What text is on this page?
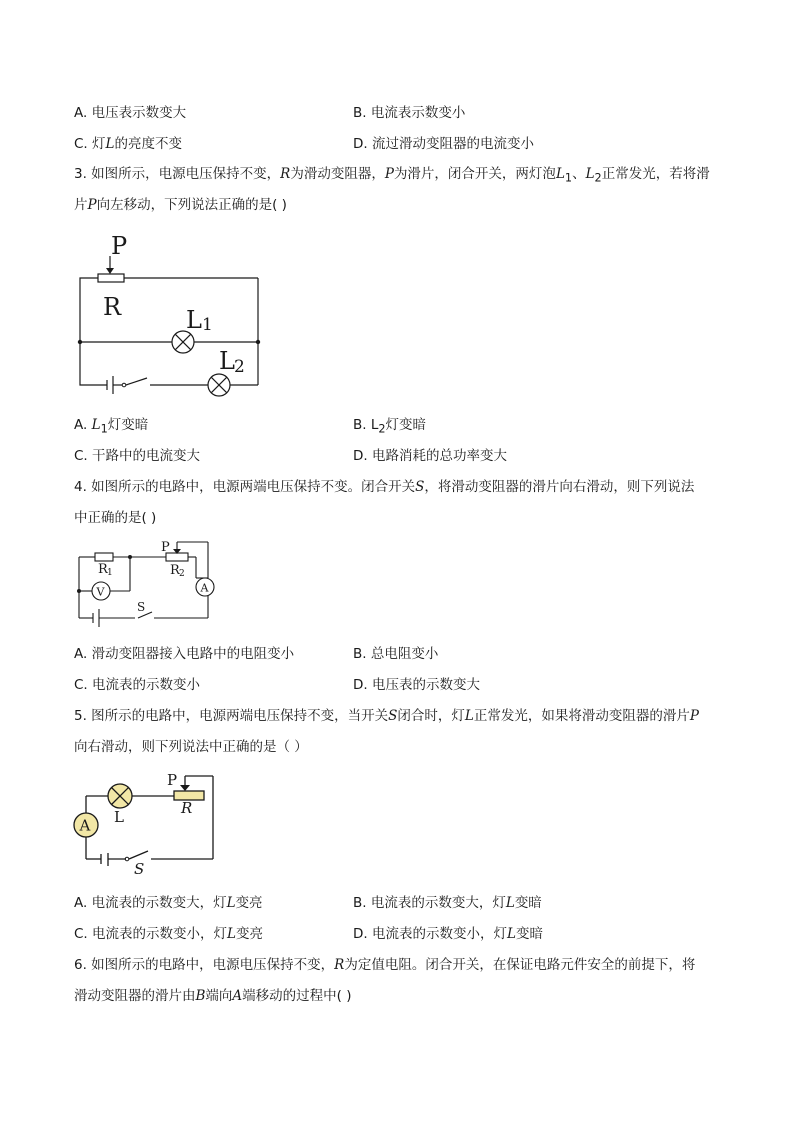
A. 电压表示数变大	B. 电流表示数变小
C. 灯L的亮度不变	D. 流过滑动变阻器的电流变小
3. 如图所示，电源电压保持不变，R为滑动变阻器，P为滑片，闭合开关，两灯泡$L_1$、$L_2$正常发光，若将滑
片P向左移动，下列说法正确的是( )
P
R	L 1
L 2
A. $L_1$灯变暗	B. $L_2$灯变暗
C. 干路中的电流变大	D. 电路消耗的总功率变大
4. 如图所示的电路中，电源两端电压保持不变。闭合开关S，将滑动变阻器的滑片向右滑动，则下列说法
中正确的是( )
V	A
P
R 1	R 2
S
A. 滑动变阻器接入电路中的电阻变小	B. 总电阻变小
C. 电流表的示数变小	D. 电压表的示数变大
5. 图所示的电路中，电源两端电压保持不变，当开关S闭合时，灯L正常发光，如果将滑动变阻器的滑片P
向右滑动，则下列说法中正确的是（ ）
A
P
R
L
S
A. 电流表的示数变大，灯L变亮	B. 电流表的示数变大，灯L变暗
C. 电流表的示数变小，灯L变亮	D. 电流表的示数变小，灯L变暗
6. 如图所示的电路中，电源电压保持不变，R为定值电阻。闭合开关，在保证电路元件安全的前提下，将
滑动变阻器的滑片由B端向A端移动的过程中( )
